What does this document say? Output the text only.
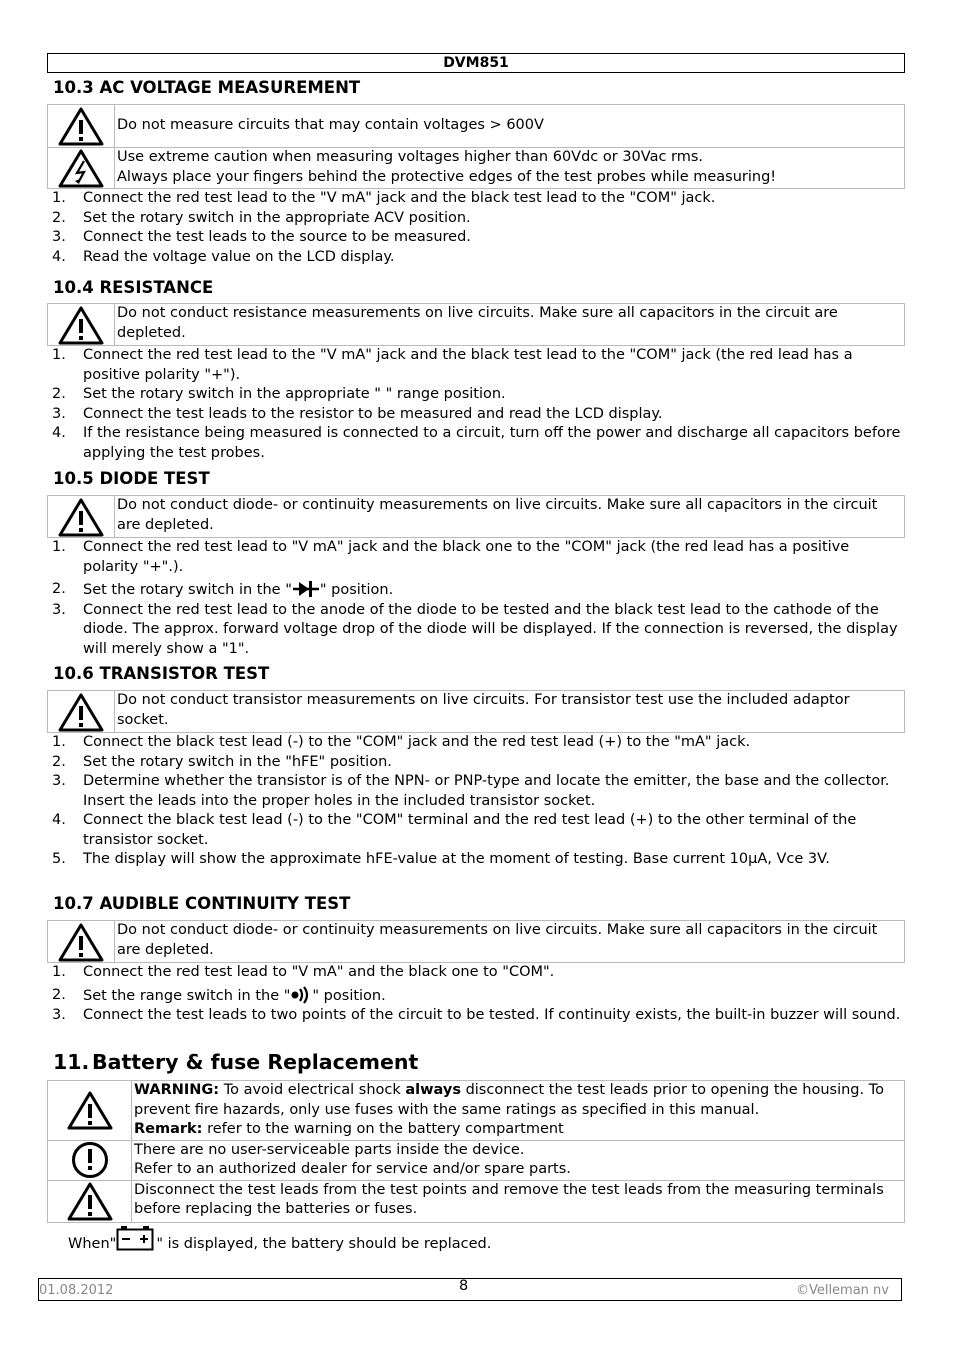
DVM851
10.3 AC VOLTAGE MEASUREMENT
	Do not measure circuits that may contain voltages > 600V

Use extreme caution when measuring voltages higher than 60Vdc or 30Vac rms.
Always place your fingers behind the protective edges of the test probes while measuring!
1. Connect the red test lead to the "V mA" jack and the black test lead to the "COM" jack.
2. Set the rotary switch in the appropriate ACV position.
3. Connect the test leads to the source to be measured.
4. Read the voltage value on the LCD display.
10.4 RESISTANCE
	Do not conduct resistance measurements on live circuits. Make sure all capacitors in the circuit are depleted.
1. Connect the red test lead to the "V mA" jack and the black test lead to the "COM" jack (the red lead has a positive polarity "+").
2. Set the rotary switch in the appropriate " " range position.
3. Connect the test leads to the resistor to be measured and read the LCD display.
4. If the resistance being measured is connected to a circuit, turn off the power and discharge all capacitors before applying the test probes.
10.5 DIODE TEST
	Do not conduct diode- or continuity measurements on live circuits. Make sure all capacitors in the circuit are depleted.
1. Connect the red test lead to "V mA" jack and the black one to the "COM" jack (the red lead has a positive polarity "+".).
2. Set the rotary switch in the " " position.
3. Connect the red test lead to the anode of the diode to be tested and the black test lead to the cathode of the diode. The approx. forward voltage drop of the diode will be displayed. If the connection is reversed, the display will merely show a "1".
10.6 TRANSISTOR TEST
	Do not conduct transistor measurements on live circuits. For transistor test use the included adaptor socket.
1. Connect the black test lead (-) to the "COM" jack and the red test lead (+) to the "mA" jack.
2. Set the rotary switch in the "hFE" position.
3. Determine whether the transistor is of the NPN- or PNP-type and locate the emitter, the base and the collector. Insert the leads into the proper holes in the included transistor socket.
4. Connect the black test lead (-) to the "COM" terminal and the red test lead (+) to the other terminal of the transistor socket.
5. The display will show the approximate hFE-value at the moment of testing. Base current 10µA, Vce 3V.
10.7 AUDIBLE CONTINUITY TEST
	Do not conduct diode- or continuity measurements on live circuits. Make sure all capacitors in the circuit are depleted.
1. Connect the red test lead to "V mA" and the black one to "COM".
2. Set the range switch in the " " position.
3. Connect the test leads to two points of the circuit to be tested. If continuity exists, the built-in buzzer will sound.
11. Battery & fuse Replacement

WARNING: To avoid electrical shock always disconnect the test leads prior to opening the housing. To prevent fire hazards, only use fuses with the same ratings as specified in this manual.
Remark: refer to the warning on the battery compartment

There are no user-serviceable parts inside the device.
Refer to an authorized dealer for service and/or spare parts.

	Disconnect the test leads from the test points and remove the test leads from the measuring terminals before replacing the batteries or fuses.
When"	" is displayed, the battery should be replaced.
01.08.2012	8	©Velleman nv
